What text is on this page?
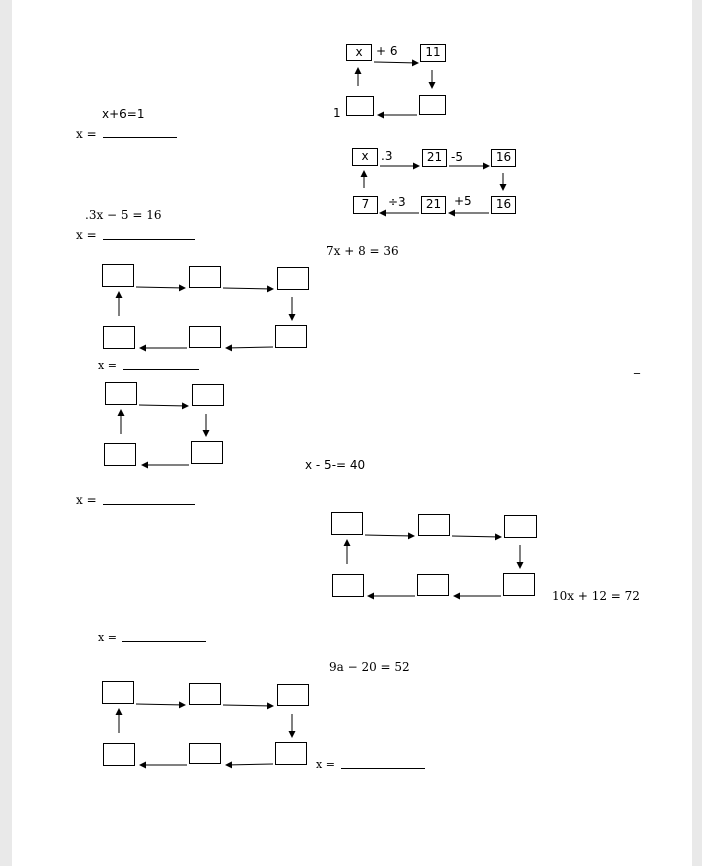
x	+ 6	11
1
x+6=1
x =
x	.3	21 -5	16
7	÷3	21	+5	16
.3x − 5 = 16
x =
7x + 8 = 36
x =	_
x - 5-= 40
x =
10x + 12 = 72
x =
9a − 20 = 52
x =
